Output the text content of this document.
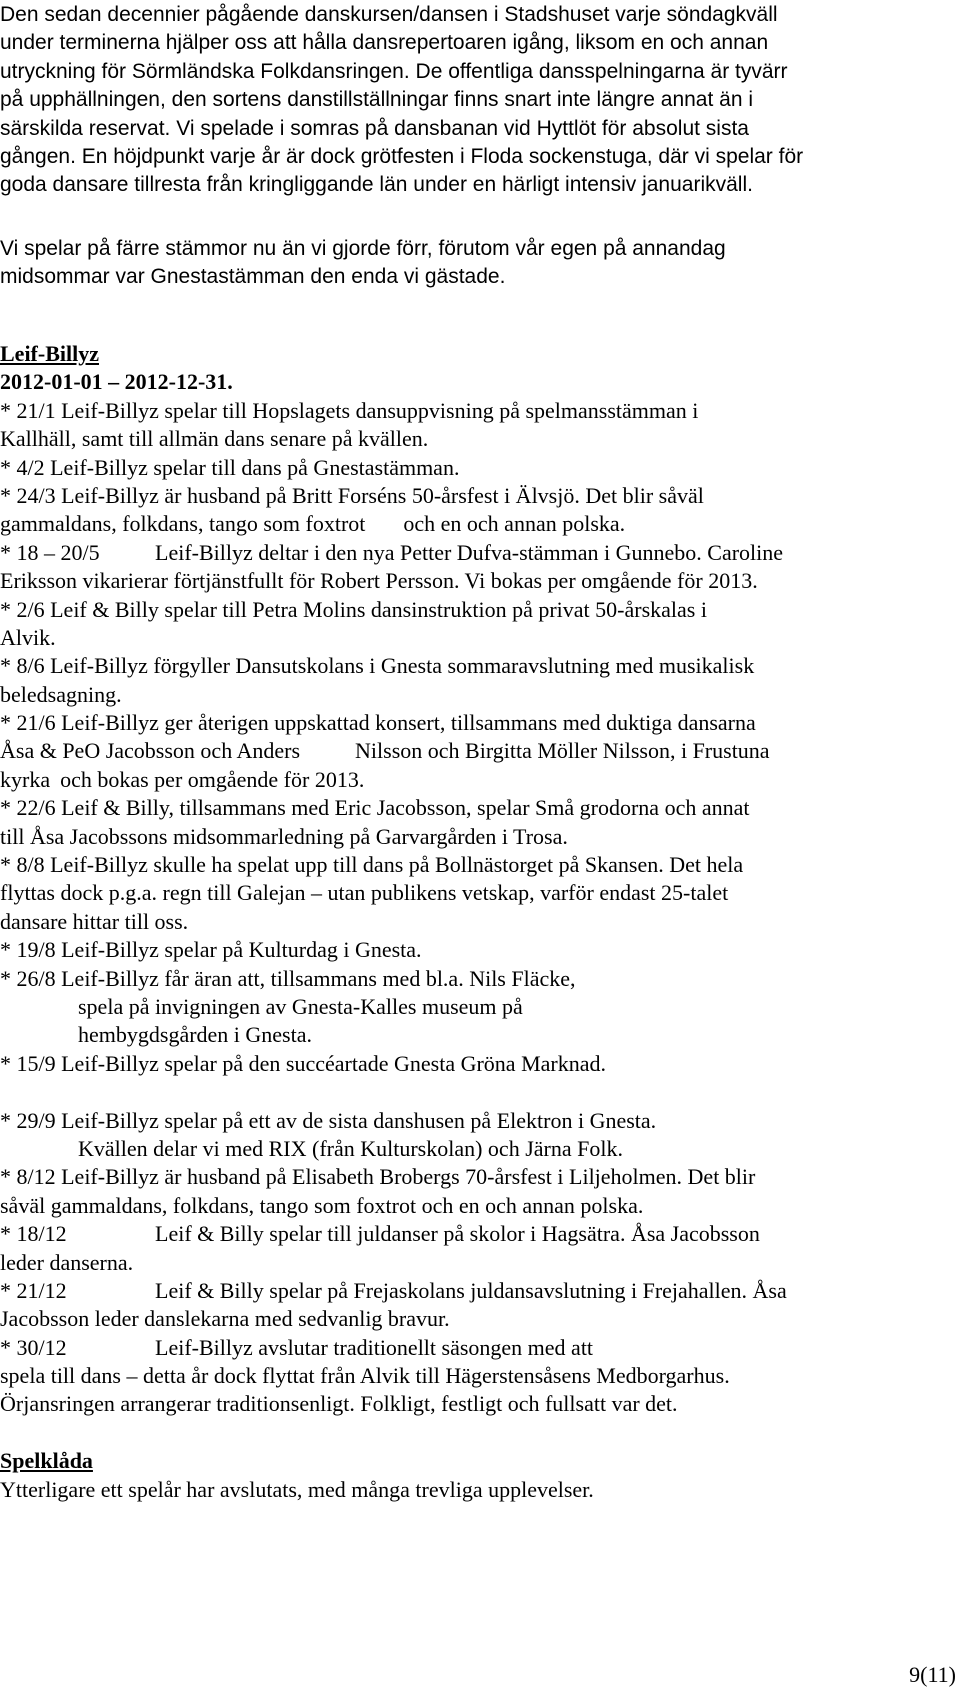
Den sedan decennier pågående danskursen/dansen i Stadshuset varje söndagkväll
under terminerna hjälper oss att hålla dansrepertoaren igång, liksom en och annan
utryckning för Sörmländska Folkdansringen. De offentliga dansspelningarna är tyvärr
på upphällningen, den sortens danstillställningar finns snart inte längre annat än i
särskilda reservat. Vi spelade i somras på dansbanan vid Hyttlöt för absolut sista
gången. En höjdpunkt varje år är dock grötfesten i Floda sockenstuga, där vi spelar för
goda dansare tillresta från kringliggande län under en härligt intensiv januarikväll.

Vi spelar på färre stämmor nu än vi gjorde förr, förutom vår egen på annandag
midsommar var Gnestastämman den enda vi gästade.

Leif-Billyz
2012-01-01 – 2012-12-31.
* 21/1 Leif-Billyz spelar till Hopslagets dansuppvisning på spelmansstämman i
Kallhäll, samt till allmän dans senare på kvällen.
* 4/2 Leif-Billyz spelar till dans på Gnestastämman.
* 24/3 Leif-Billyz är husband på Britt Forséns 50-årsfest i Älvsjö. Det blir såväl
gammaldans, folkdans, tango som foxtrot och en och annan polska.
* 18 – 20/5	Leif-Billyz deltar i den nya Petter Dufva-stämman i Gunnebo. Caroline
Eriksson vikarierar förtjänstfullt för Robert Persson. Vi bokas per omgående för 2013.
* 2/6 Leif & Billy spelar till Petra Molins dansinstruktion på privat 50-årskalas i
Alvik.
* 8/6 Leif-Billyz förgyller Dansutskolans i Gnesta sommaravslutning med musikalisk
beledsagning.
* 21/6 Leif-Billyz ger återigen uppskattad konsert, tillsammans med duktiga dansarna
Åsa & PeO Jacobsson och Anders	Nilsson och Birgitta Möller Nilsson, i Frustuna
kyrka och bokas per omgående för 2013.
* 22/6 Leif & Billy, tillsammans med Eric Jacobsson, spelar Små grodorna och annat
till Åsa Jacobssons midsommarledning på Garvargården i Trosa.
* 8/8 Leif-Billyz skulle ha spelat upp till dans på Bollnästorget på Skansen. Det hela
flyttas dock p.g.a. regn till Galejan – utan publikens vetskap, varför endast 25-talet
dansare hittar till oss.
* 19/8 Leif-Billyz spelar på Kulturdag i Gnesta.
* 26/8 Leif-Billyz får äran att, tillsammans med bl.a. Nils Fläcke,
spela på invigningen av Gnesta-Kalles museum på
hembygdsgården i Gnesta.
* 15/9 Leif-Billyz spelar på den succéartade Gnesta Gröna Marknad.
* 29/9 Leif-Billyz spelar på ett av de sista danshusen på Elektron i Gnesta.
Kvällen delar vi med RIX (från Kulturskolan) och Järna Folk.
* 8/12 Leif-Billyz är husband på Elisabeth Brobergs 70-årsfest i Liljeholmen. Det blir
såväl gammaldans, folkdans, tango som foxtrot och en och annan polska.
* 18/12	Leif & Billy spelar till juldanser på skolor i Hagsätra. Åsa Jacobsson
leder danserna.
* 21/12	Leif & Billy spelar på Frejaskolans juldansavslutning i Frejahallen. Åsa
Jacobsson leder danslekarna med sedvanlig bravur.
* 30/12	Leif-Billyz avslutar traditionellt säsongen med att
spela till dans – detta år dock flyttat från Alvik till Hägerstensåsens Medborgarhus.
Örjansringen arrangerar traditionsenligt. Folkligt, festligt och fullsatt var det.
Spelklåda
Ytterligare ett spelår har avslutats, med många trevliga upplevelser.
9(11)
